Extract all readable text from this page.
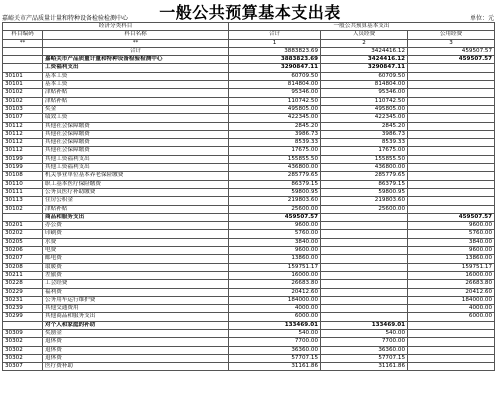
一般公共预算基本支出表
嘉峪关市产品质量计量和特种设备检验检测中心	单位：元
经济分类科目		一般公共预算基本支出		
科目编码	科目名称	合计	人员经费	公用经费
**	**	1	2	3
	合计	3883823.69	3424416.12	459507.57
	嘉峪关市产品质量计量和特种设备检验检测中心	3883823.69	3424416.12	459507.57
	工资福利支出	3290847.11	3290847.11	
30101	基本工资	60709.50	60709.50	
30101	基本工资	814804.00	814804.00	
30102	津贴补贴	95346.00	95346.00	
30102	津贴补贴	110742.50	110742.50	
30103	奖金	495805.00	495805.00	
30107	绩效工资	422345.00	422345.00	
30112	其他社会保障缴费	2845.20	2845.20	
30112	其他社会保障缴费	3986.73	3986.73	
30112	其他社会保障缴费	8539.33	8539.33	
30112	其他社会保障缴费	17675.00	17675.00	
30199	其他工资福利支出	155855.50	155855.50	
30199	其他工资福利支出	436800.00	436800.00	
30108	机关事业单位基本养老保险缴费	285779.65	285779.65	
30110	职工基本医疗保险缴费	86379.15	86379.15	
30111	公务员医疗补助缴费	59800.95	59800.95	
30113	住房公积金	219803.60	219803.60	
30102	津贴补贴	25600.00	25600.00	
	商品和服务支出	459507.57		459507.57
30201	办公费	9600.00		9600.00
30202	印刷费	5760.00		5760.00
30205	水费	3840.00		3840.00
30206	电费	9600.00		9600.00
30207	邮电费	13860.00		13860.00
30208	取暖费	159751.17		159751.17
30211	差旅费	16000.00		16000.00
30228	工会经费	26683.80		26683.80
30229	福利费	20412.60		20412.60
30231	公务用车运行维护费	184000.00		184000.00
30239	其他交通费用	4000.00		4000.00
30299	其他商品和服务支出	6000.00		6000.00
	对个人和家庭的补助	133469.01	133469.01	
30309	奖励金	540.00	540.00	
30302	退休费	7700.00	7700.00	
30302	退休费	36360.00	36360.00	
30302	退休费	57707.15	57707.15	
30307	医疗费补助	31161.86	31161.86	
